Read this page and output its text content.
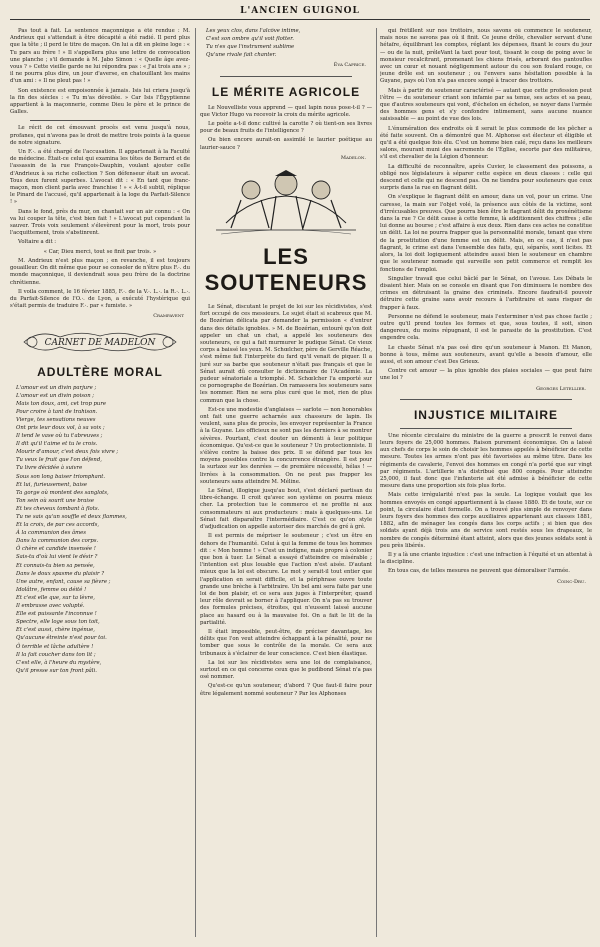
L'ANCIEN GUIGNOL

Pas tout à fait. La sentence maçonnique a été rendue : M. Andrieux qui s'attendait à être décapité a été radié. Il perd plus que la tête ; il perd le titre de maçon. On lui a dit en pleine loge : « Tu pars au frère ! » Il s'appellera plus une lettre de convocation une planche ; s'il demande à M. Jabo Simon : « Quelle âge avez-vous ? » Cette vieille garde ne lui répondra pas : « J'ai trois ans » ; il ne pourra plus dire, un jour d'averse, en chatouillant les mains d'un ami : « Il ne pleut pas ! »

Son existence est empoisonnée à jamais. Isis lui criera jusqu'à la fin des siècles : « Tu m'as dévoilée. » Car Isis l'Égyptienne appartient à la maçonnerie, comme Dieu le père et le prince de Galles.

Le récit de cet émouvant procès est venu jusqu'à nous, profanes, qui n'avons pas le droit de mettre trois points à la queue de notre signature.

Un F.·. a été chargé de l'accusation. Il appartenait à la Faculté de médecine. Était-ce celui qui examina les têtes de Berrard et de l'assassin de la rue François-Dauphin, voulant ajouter celle d'Andrieux à sa riche collection ? Son défenseur était un avocat. Tous deux furent superbes. L'avocat dit : « En tant que franc-maçon, mon client parla avec franchise ! » « À-t-il subtil, réplique le Pinard de l'accusé, qu'il appartenait à la loge du Parfait-Silence ! »

Dans le fond, près du mur, on chantait sur un air connu : « On va lui couper la tête, c'est bien fait ! » L'avocat put cependant la sauver. Trois voix seulement s'élevèrent pour la mort, trois pour l'acquittement, trois s'abstinrent.

Voltaire a dit :

« Car, Dieu merci, tout se finit par trois. »

M. Andrieux n'est plus maçon ; en revanche, il est toujours gouailleur. On dit même que pour se consoler de n'être plus F.·. du monde maçonnique, il deviendrait sous peu frère de la doctrine chrétienne.

Il voila comment, le 16 février 1885, F.·. de la V.·. L.·. la R.·. L.·. du Parfait-Silence de l'O.·. de Lyon, a exécuté l'hystérique qui s'était permis de traduire F.·. par « fumiste. »

Crampavent

CARNET DE MADELON
ADULTÈRE MORAL
L'amour est un divin parjure ;
L'amour est un divin poison ;
Mais ton doux, ami, cet trop pure
Pour croire à tant de trahison.
Vierge, tes sensations neuves
Ont pris leur doux vol, à sa voix ;
Il tend le vase où tu t'abreuves ;
Il dit qu'il t'aime et tu le crois.
Mourir d'amour, c'est deux fois vivre ;
Tu veux le fruit que l'on défend,
Tu livre décidée à suivre
Sous son long baiser triomphant.
Et lui, furieusement, baise
Ta gorge où montent des sanglots,
Ton sein où sourit une braise
Et tes cheveux tombant à flots.
Tu ne sais qu'un souffle et deux flammes,
Et la croix, de par ces accords,
À la communion des âmes
Dans la communion des corps.
Ô chère et candide insensée !
Sais-tu d'où lui vient le désir ?
Et connais-tu bien sa pensée,
Dans le doux spasme du plaisir ?
Une autre, enfant, cause sa fièvre ;
Idolâtre, femme ou déité !
Et c'est elle que, sur ta lèvre,
Il embrasse avec volupté.
Elle est puissante l'inconnue !
Spectre, elle loge sous ton toit,
Et c'est aussi, chère ingénue,
Qu'aucune étreinte n'est pour toi.
Ô terrible et lâche adultère !
Il la fait coucher dans ton lit ;
C'est elle, à l'heure du mystère,
Qu'il presse sur ton front pâli.
Les yeux clos, dans l'alcôve intime,
C'est son ombre qu'il voit flotter.
Tu n'es que l'instrument sublime
Qu'une rivale fait chanter.

Éva Caprice.

LE MÉRITE AGRICOLE

Le Nouvelliste vous apprend — quel lapin nous pose-t-il ? — que Victor Hugo va recevoir la croix du mérite agricole.

Le poète a-t-il donc cultivé la carotte ? où tient-on ses livres pour de beaux fruits de l'intelligence ?

Ou bien encore aurait-on assimilé le laurier poétique au laurier-sauce ?

Madelon.

LES SOUTENEURS

Le Sénat, discutant le projet de loi sur les récidivistes, s'est fort occupé de ces messieurs. Le sujet était si scabreux que M. de Bozérian délicata par demander la permission « d'entrer dans des détails ignobles. » M. de Bozérian, entouré qu'on doit appeler un chat un chat, a appelé les souteneurs des souteneurs, ce qui a fait murmurer le pudique Sénat. Ce vieux corps a baissé les yeux. M. Schœlcher, père de Gerville Réache, s'est même fait l'interprète du fard qu'il venait de piquer. Il a juré sur sa barbe que souteneur n'était pas français et que le Sénat aurait dû consulter le dictionnaire de l'Académie. La pudeur sénatoriale a triomphé. M. Schœlcher l'a emporté sur ce pornographe de Bozérian. On ramassera les souteneurs sans les nommer. Rien ne sera plus curé que le mot, rien de plus commun que la chose.

Est-ce une modestie d'anglaises — sarlote — non honorables ont fait une guerre acharnée aux chasseurs de lapin. Ils veulent, sans plus de procès, les envoyer représenter la France à la Guyane. Les officieux ne sont pas les derniers à se montrer sévères. Pourtant, c'est douter un démenti à leur politique économique. Qu'est-ce que le souteneur ? Un protectionniste. Il s'élève contre la baisse des prix. Il se défend par tous les moyens possibles contre la concurrence étrangère. Il est pour la surtaxe sur les denrées — de première nécessité, hélas ! — livrées à la consommation. On ne peut pas frapper les souteneurs sans atteindre M. Méline.

Le Sénat, illogique jusqu'au bout, s'est déclaré partisan du libre-échange. Il croit qu'avec son système on pourra mieux cher. La protection tue le commerce et ne profite ni aux consommateurs ni aux producteurs : mais à quelques-uns. Le Sénat fait disparaître l'intermédiaire. C'est ce qu'on style d'adjudication on appelle autoriser des marchés de gré à gré.

Il est permis de mépriser le souteneur ; c'est un être en dehors de l'humanité. Celui à qui la femme de tous les hommes dit : « Mon homme ! » C'est un indigne, mais propre à colonier que bon à tuer. Le Sénat a essayé d'atteindre ce misérable ; l'intention est plus louable que l'action n'est aisée. D'autant mieux que la loi est obscure. Le mot y serait-il tout entier que l'application en serait difficile, et la périphrase ouvre toute grande une brèche à l'arbitraire. Un bel ami sera faite par une loi de bon plaisir, et ce sera aux juges à l'interpréter, quand leur rôle devrait se borner à l'appliquer. On n'a pas su trouver des formules précises, étroites, qui n'eussent laissé aucune place au hasard ou à la mauvaise foi. On a fait le lit de la partialité.

Il était impossible, peut-être, de préciser davantage, les délits que l'on veut atteindre échappant à la pénalité, pour ne tomber que sous le contrôle de la morale. Ce sera aux tribunaux à s'éclairer de leur conscience. C'est bien élastique.

La loi sur les récidivistes sera une loi de complaisance, surtout en ce qui concerne ceux que le pudibond Sénat n'a pas osé nommer.

Qu'est-ce qu'un souteneur, d'abord ? Que faut-il faire pour être légalement nommé souteneur ? Par les Alphonses

qui frétillent sur nos trottoirs, nous savons où commence le souteneur, mais nous ne savons pas où il finit. Ce jeune drôle, chevalier servant d'une hétaïre, équilibrant les comptes, réglant les dépenses, fixant le cours du jour — ou de la nuit, préleVant la taxt pour tout, tissant le coup de poing avec le monsieur recalcitrant, promenant les chiens frisés, arborant des pantoufles avec un cœur et nouant négligemment autour du cou son foulard rouge, ce jeune drôle est un souteneur ; ou l'envers sans hésitation possible à la Guyane, pays où l'on n'a pas encore songé à tracer des trottoirs.

Mais à partir du souteneur caractérisé — autant que cette profession peut l'être — du souteneur criant son infamie par sa tenue, ses actes et sa peau, que d'autres souteneurs qui vont, d'échelon en échelon, se noyer dans l'armée des hommes gens et s'y confondre intimement, sans aucune nuance saisissable — au point de vue des lois.

L'énumération des endroits où il serait le plus commode de les pêcher a été faite souvent. On a démontré que M. Alphonse est électeur et éligible et qu'il a été quelque fois élu. C'est un homme bien calé, reçu dans les meilleurs salons, mourant muni des sacrements de l'Église, escorte par des militaires, s'il est chevalier de la Légion d'honneur.

La difficulté de reconnaître, après Cuvier, le classement des poissons, a obligé nos législateurs à séparer cette espèce en deux classes : celle qui descend et celle qui ne descend pas. On ne tiendra pour souteneurs que ceux surpris dans la rue en flagrant délit.

On s'explique le flagrant délit en amour, dans un vol, pour un crime. Une caresse, la main sur l'objet volé, la présence aux côtés de la victime, sont d'irrécusables preuves. Que pourra bien être le flagrant délit du proxénétisme dans la rue ? Ce délit cause à cette femme, là additionnent des chiffres ; elle lui donne au bourse ; c'est affaire à eux deux. Rien dans ces actes ne constitue un délit. La loi ne pourra frapper que la personnalité morale, tenant que vivre de la prostitution d'une femme est un délit. Mais, en ce cas, il n'est pas flagrant, le crime est dans l'ensemble des faits, qui, séparés, sont licites. Et alors, la loi doit logiquement atteindre aussi bien le souteneur en chambre que le souteneur nomade qui surveille son petit commerce et remplit les fonctions de l'emploi.

Singulier travail que celui bâclé par le Sénat, on l'avoue. Les Débats le disaient hier. Mais on se console en disant que l'on diminuera le nombre des crimes en détruisant la graine des criminels. Encore faudrait-il pouvoir détruire cette graine sans avoir recours à l'arbitraire et sans risquer de frapper à faux.

Personne ne défend le souteneur, mais l'exterminer n'est pas chose facile ; outre qu'il prend toutes les formes et que, sous toutes, il soit, sinon dangereux, du moins répugnant, il est le parasite de la prostitution. C'est engendre cela.

Le chaste Sénat n'a pas osé dire qu'un souteneur à Manon. Et Manon, bonne à tous, même aux souteneurs, avant qu'elle a besoin d'amour, elle aussi, et son amour c'est Des Grieux.

Contre cet amour — la plus ignoble des plaies sociales — que peut faire une loi ?

Georges Letellier.

INJUSTICE MILITAIRE

Une récente circulaire du ministre de la guerre a prescrit le renvoi dans leurs foyers de 25,000 hommes. Raison purement économique. On a laissé aux chefs de corps le soin de choisir les hommes appelés à bénéficier de cette mesure. Toutes les armes n'ont pas été favorisées au même titre. Dans les régiments de cavalerie, l'envoi des hommes en congé n'a porté que sur vingt par régiments. L'artillerie n'a distribué que 800 congés. Pour atteindre 25,000, il faut donc que l'infanterie ait été admise à bénéficier de cette mesure dans une proportion six fois plus forte.

Mais cette irrégularité n'est pas la seule. La logique voulait que les hommes envoyés en congé appartiennent à la classe 1880. Et de toute, sur ce point, la circulaire était formelle. On a trouvé plus simple de renvoyer dans leurs foyers des hommes des corps auxiliaires appartenant aux classes 1881, 1882, afin de ménager les congés dans les corps actifs ; si bien que des soldats ayant déjà trois ans de service sont restés sous les drapeaux, le nombre de congés déterminé étant atteint, alors que des jeunes soldats sont à peu près libérés.

Il y a là une criante injustice : c'est une infraction à l'équité et un attentat à la discipline.

En tous cas, de telles mesures ne peuvent que démoraliser l'armée.

Coinc-Dru.
